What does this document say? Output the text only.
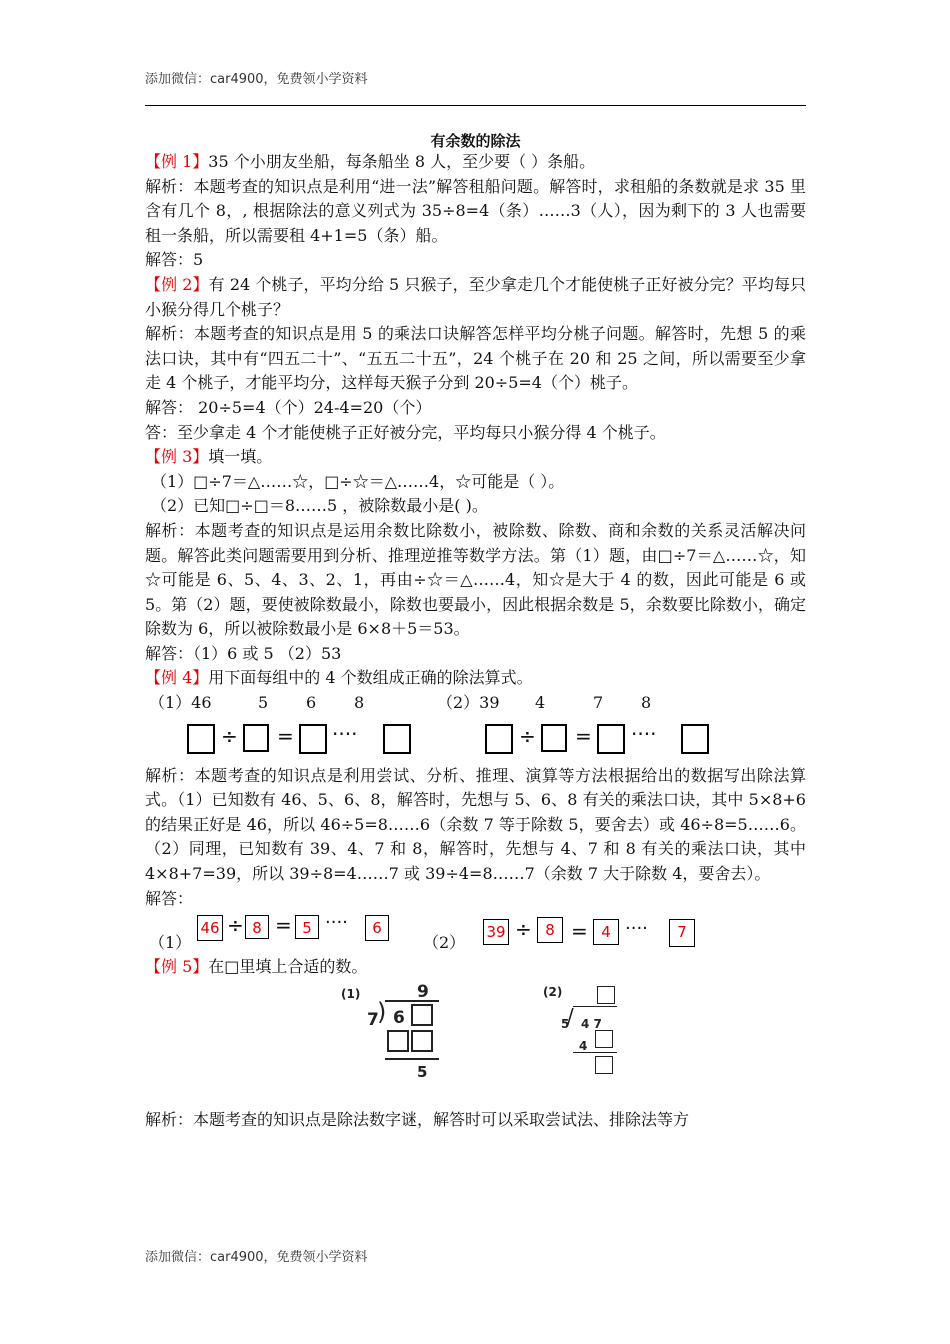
添加微信：car4900，免费领小学资料
有余数的除法

【例 1】35 个小朋友坐船，每条船坐 8 人，至少要（ ）条船。

解析：本题考查的知识点是利用“进一法”解答租船问题。解答时，求租船的条数就是求 35 里含有几个 8，, 根据除法的意义列式为 35÷8=4（条）……3（人），因为剩下的 3 人也需要租一条船，所以需要租 4+1=5（条）船。

解答：5

【例 2】有 24 个桃子，平均分给 5 只猴子，至少拿走几个才能使桃子正好被分完？平均每只小猴分得几个桃子？

解析：本题考查的知识点是用 5 的乘法口诀解答怎样平均分桃子问题。解答时，先想 5 的乘法口诀，其中有“四五二十”、“五五二十五”，24 个桃子在 20 和 25 之间，所以需要至少拿走 4 个桃子，才能平均分，这样每天猴子分到 20÷5=4（个）桃子。

解答： 20÷5=4（个）24-4=20（个）

答：至少拿走 4 个才能使桃子正好被分完，平均每只小猴分得 4 个桃子。

【例 3】填一填。

（1）□÷7＝△……☆，□÷☆＝△……4，☆可能是（ ）。

（2）已知□÷□＝8……5 ，被除数最小是( )。

解析：本题考查的知识点是运用余数比除数小，被除数、除数、商和余数的关系灵活解决问题。解答此类问题需要用到分析、推理逆推等数学方法。第（1）题，由□÷7＝△……☆，知☆可能是 6、5、4、3、2、1，再由÷☆＝△……4，知☆是大于 4 的数，因此可能是 6 或 5。第（2）题，要使被除数最小，除数也要最小，因此根据余数是 5，余数要比除数小，确定除数为 6，所以被除数最小是 6×8＋5＝53。

解答：（1）6 或 5 （2）53

【例 4】用下面每组中的 4 个数组成正确的除法算式。

（1）46	5 6 8	（2）39 4	7 8
÷ = ····	÷ = ····

解析：本题考查的知识点是利用尝试、分析、推理、演算等方法根据给出的数据写出除法算式。（1）已知数有 46、5、6、8，解答时，先想与 5、6、8 有关的乘法口诀，其中 5×8+6 的结果正好是 46，所以 46÷5=8……6（余数 7 等于除数 5，要舍去）或 46÷8=5……6。（2）同理，已知数有 39、4、7 和 8，解答时，先想与 4、7 和 8 有关的乘法口诀，其中 4×8+7=39，所以 39÷8=4……7 或 39÷4=8……7（余数 7 大于除数 4，要舍去）。

解答：

（1）
46 ÷ 8 = 5 ····	6
（2）
39 ÷ 8 = 4 ····	7

【例 5】在□里填上合适的数。

(1)	9
7
) 6
5
(2)
5
/ 4 7
4

解析：本题考查的知识点是除法数字谜，解答时可以采取尝试法、排除法等方

添加微信：car4900，免费领小学资料
